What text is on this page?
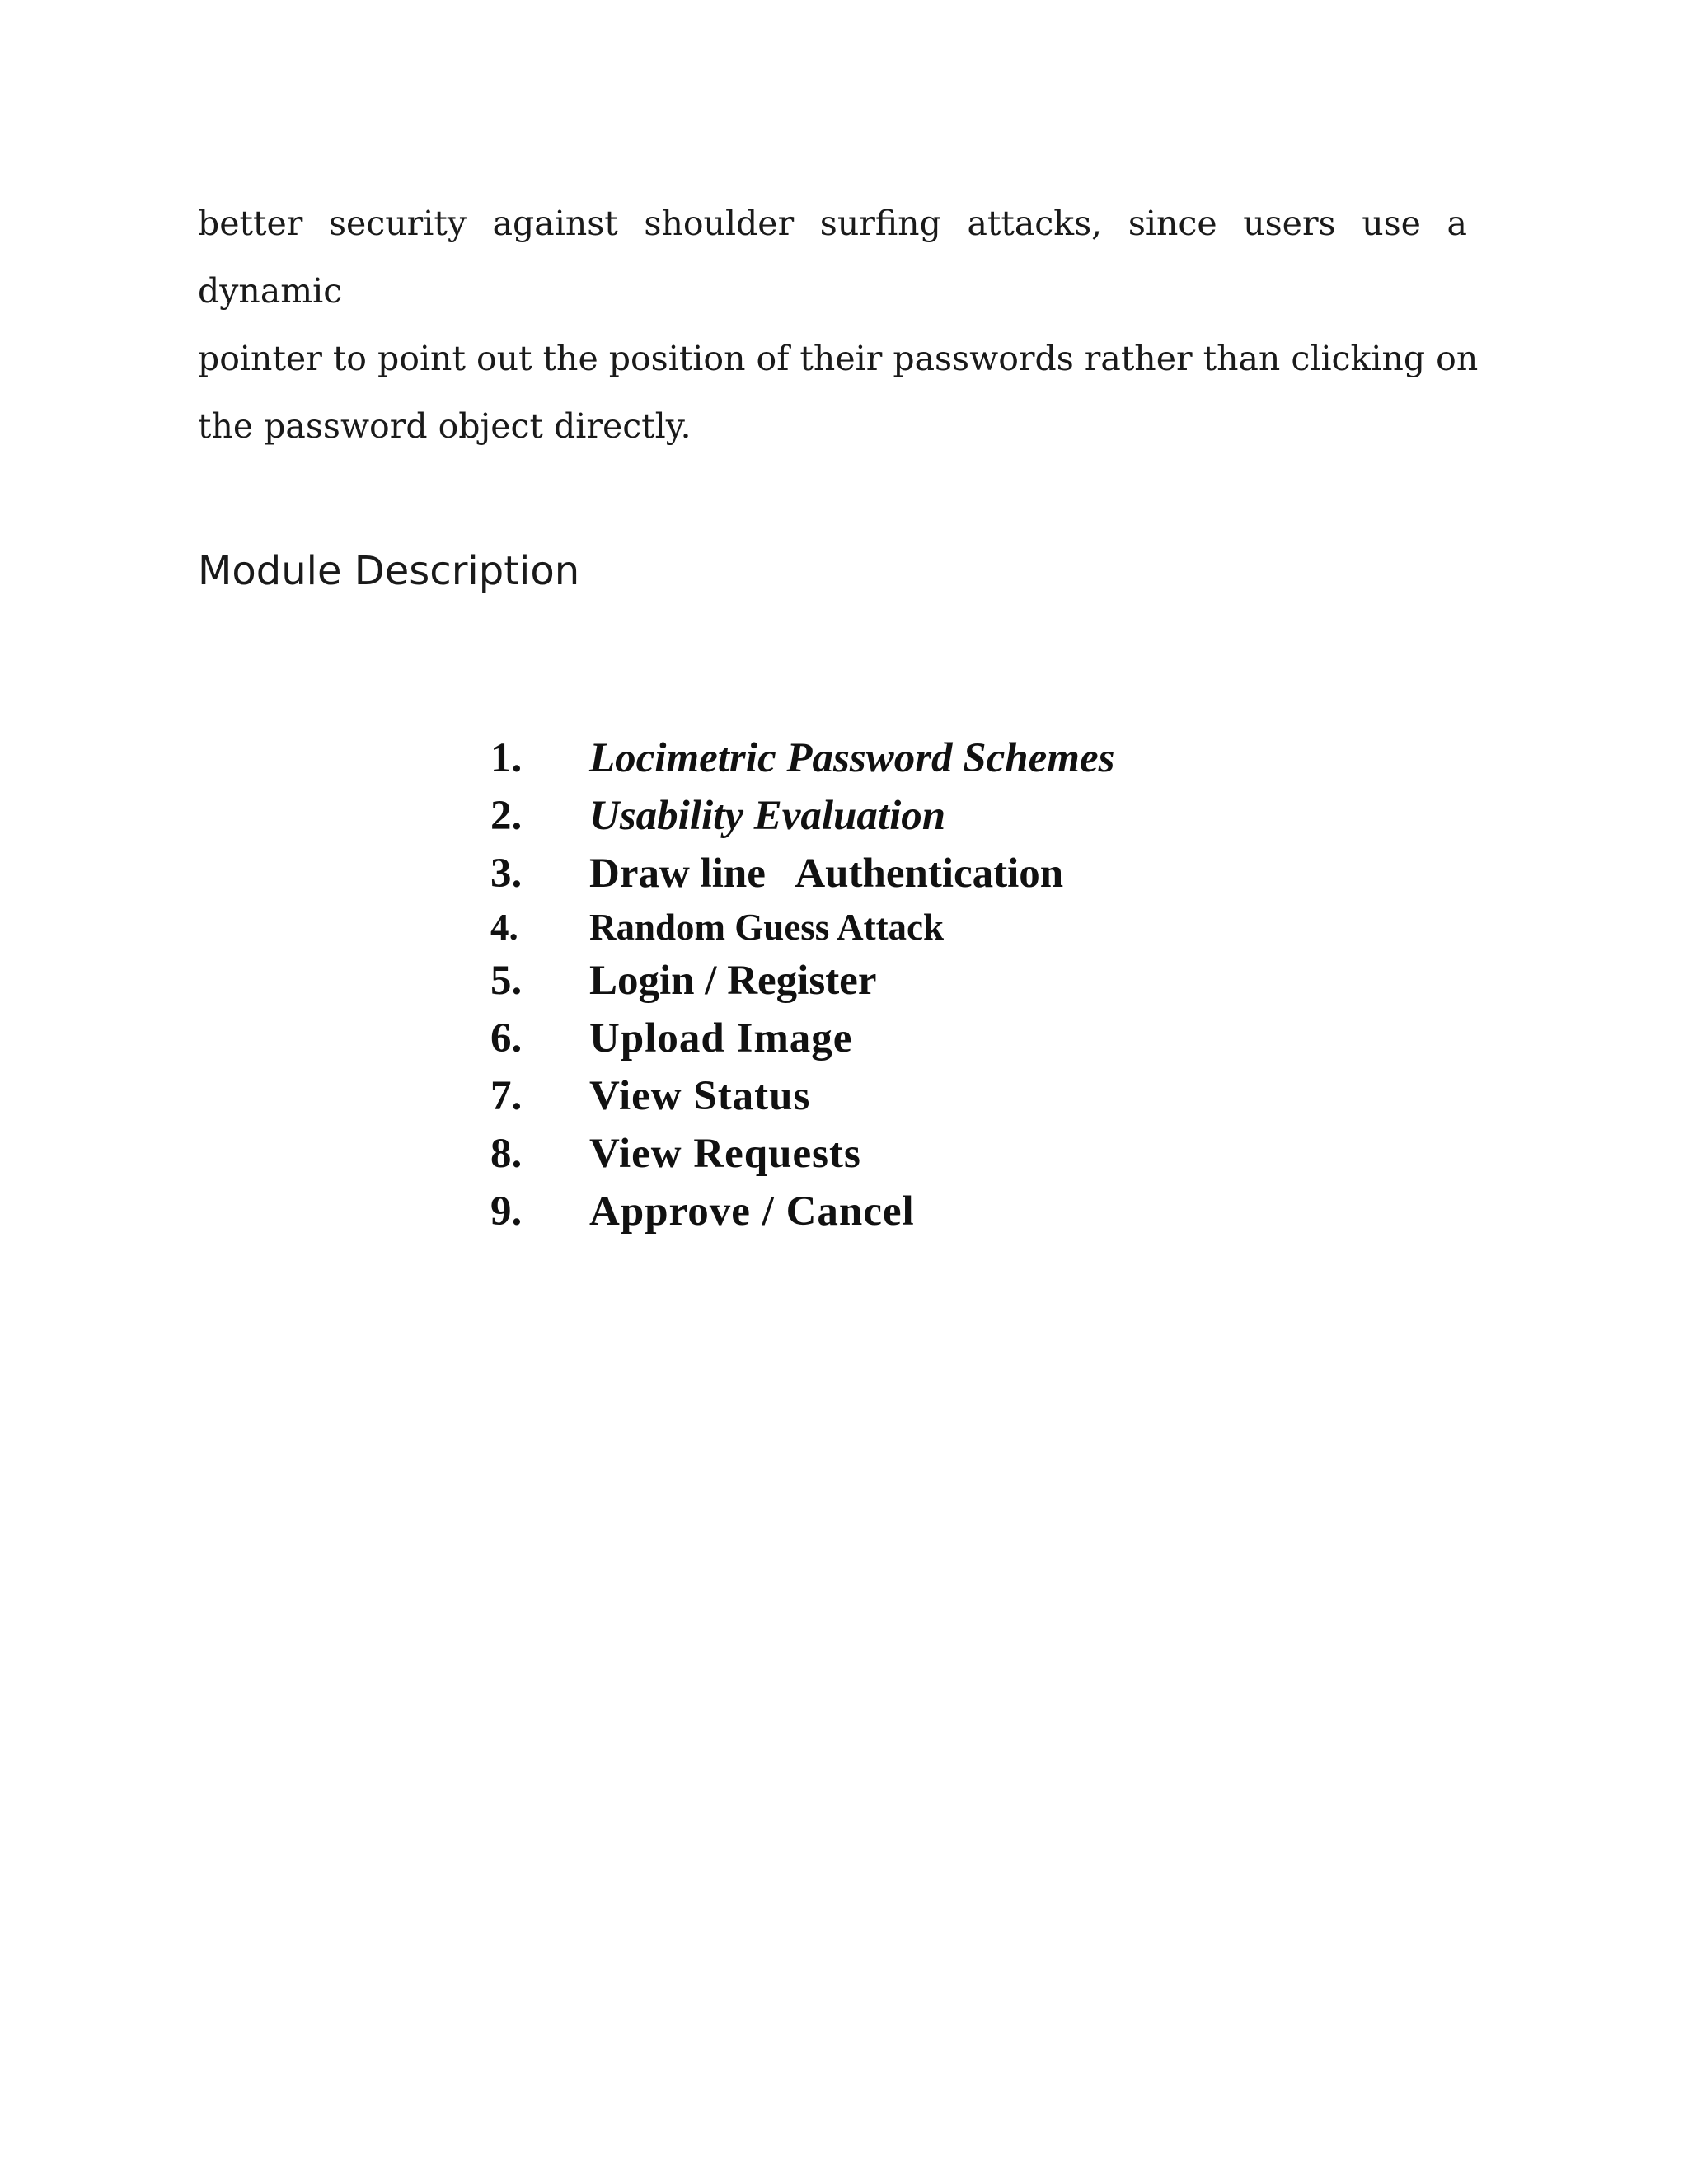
better security against shoulder surfing attacks, since users use a dynamic
pointer to point out the position of their passwords rather than clicking on
the password object directly.
Module Description
1.	Locimetric Password Schemes
2.	Usability Evaluation
3.	Draw line   Authentication
4.	Random Guess Attack
5.	Login / Register
6.	Upload Image
7.	View Status
8.	View Requests
9.	Approve / Cancel
